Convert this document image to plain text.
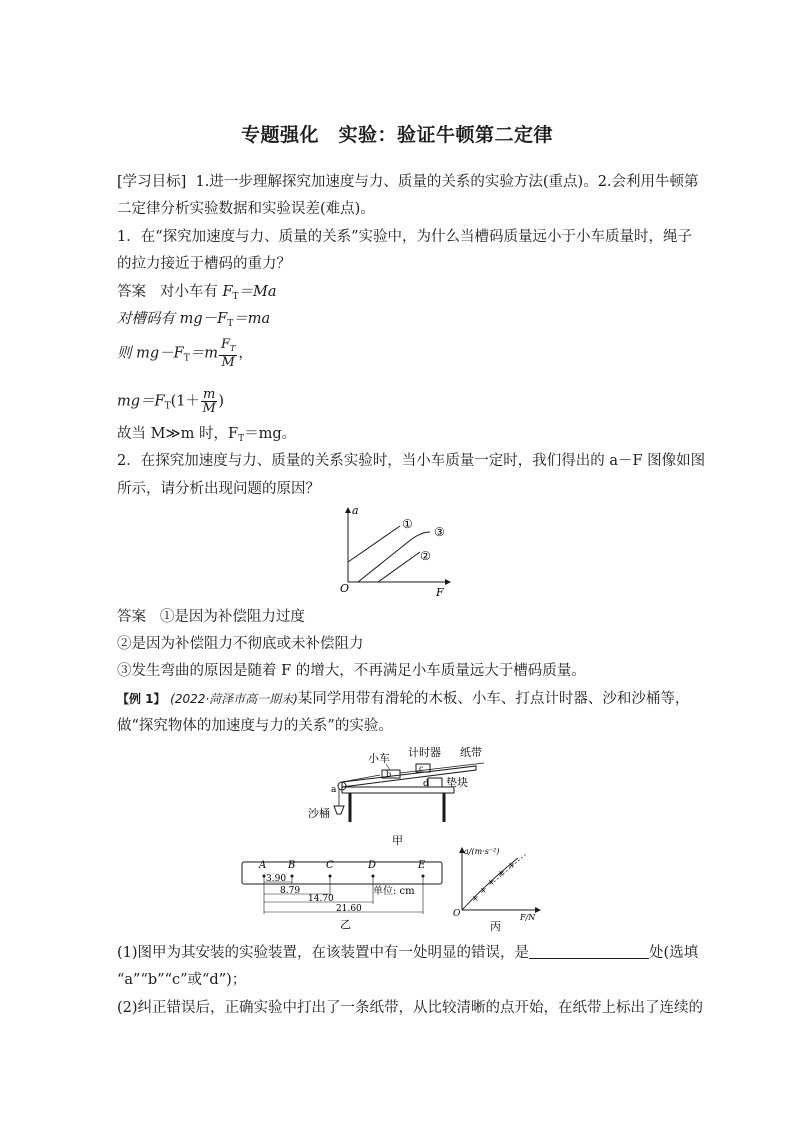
专题强化　实验：验证牛顿第二定律
[学习目标] 1.进一步理解探究加速度与力、质量的关系的实验方法(重点)。2.会利用牛顿第
二定律分析实验数据和实验误差(难点)。
1．在“探究加速度与力、质量的关系”实验中，为什么当槽码质量远小于小车质量时，绳子
的拉力接近于槽码的重力？
答案 对小车有 $F_T=Ma$
对槽码有 $mg-F_T=ma$
则 $mg-F_T=m \frac{F_T}{M}$ ，
$mg=F_T(1+ \frac{m}{M}$ )
故当 M≫m 时，$F_T=mg$。
2．在探究加速度与力、质量的关系实验时，当小车质量一定时，我们得出的 a－F 图像如图
所示，请分析出现问题的原因？
a
F
O
①
③
②
答案 ①是因为补偿阻力过度
②是因为补偿阻力不彻底或未补偿阻力
③发生弯曲的原因是随着 F 的增大，不再满足小车质量远大于槽码质量。
【例 1】 (2022·菏泽市高一期末)某同学用带有滑轮的木板、小车、打点计时器、沙和沙桶等，
做“探究物体的加速度与力的关系”的实验。
b
c
d
小车 计时器 纸带
垫块
a
沙桶
甲
A B	C	D	E
3.90
8.79
14.70
21.60
单位: cm
乙
a/(m·s⁻²)
F/N
O
×
×
×
×
×
丙
(1)图甲为其安装的实验装置，在该装置中有一处明显的错误，是	处(选填
“a”“b”“c”或“d”)；
(2)纠正错误后，正确实验中打出了一条纸带，从比较清晰的点开始，在纸带上标出了连续的
